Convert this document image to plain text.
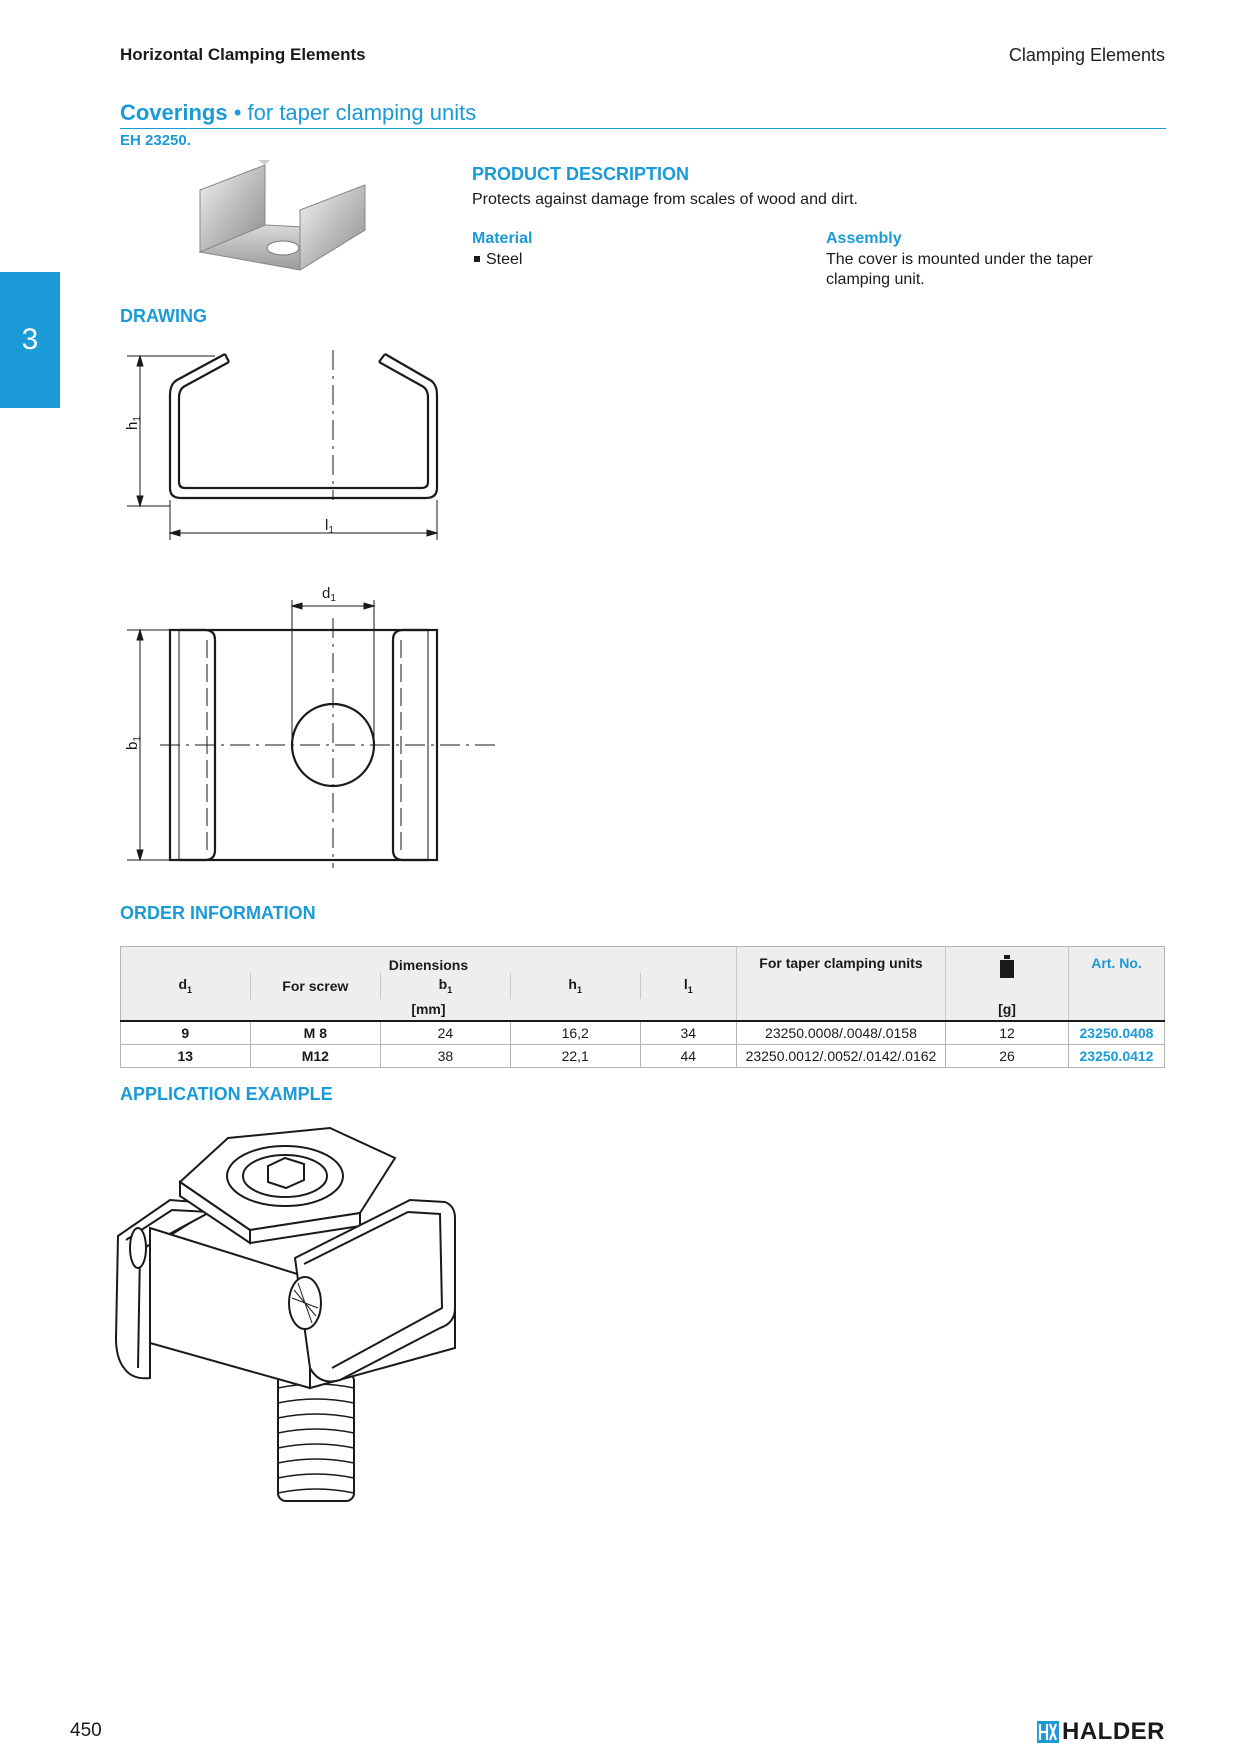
Horizontal Clamping Elements	Clamping Elements
Coverings • for taper clamping units
EH 23250.
3
PRODUCT DESCRIPTION
Protects against damage from scales of wood and dirt.
Material
Steel
Assembly
The cover is mounted under the taper
clamping unit.
DRAWING
$h_1$
$l_1$
$d_1$
$b_1$
ORDER INFORMATION
Dimensions					For taper clamping units		Art. No.
$d_1$	For screw	$b_1$	$h_1$	$l_1$
[mm]						[g]	
9	M 8	24	16,2	34	23250.0008/.0048/.0158	12	23250.0408
13	M12	38	22,1	44	23250.0012/.0052/.0142/.0162	26	23250.0412
APPLICATION EXAMPLE
450	HALDER
